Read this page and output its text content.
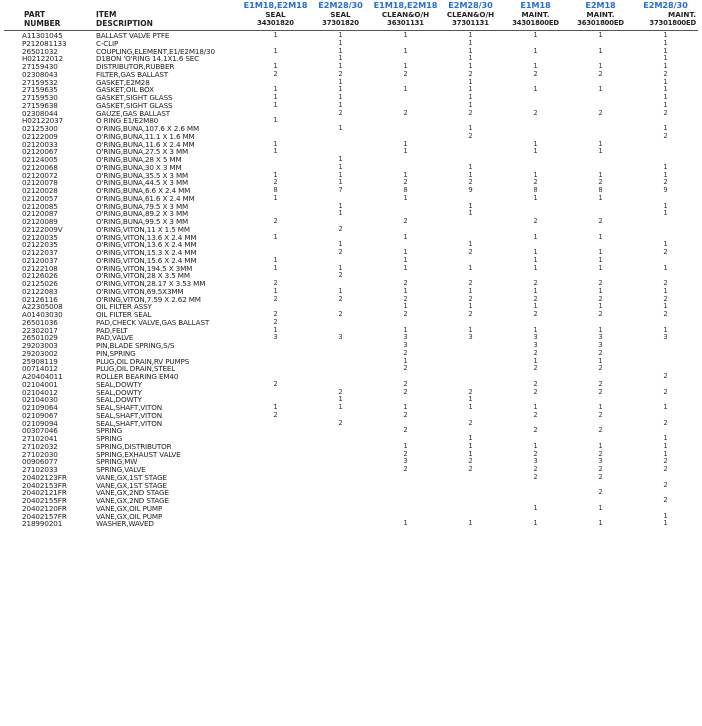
		E1M18,E2M18	E2M28/30	E1M18,E2M18	E2M28/30	E1M18	E2M18	E2M28/30
PART	ITEM	SEAL	SEAL	CLEAN&O/H	CLEAN&O/H	MAINT.	MAINT.	MAINT.
NUMBER	DESCRIPTION	34301820	37301820	36301131	37301131	34301800ED	36301800ED	37301800ED
A11301045	BALLAST VALVE PTFE	1	1	1	1	1	1	1
P212081133	C-CLIP		1		1			1
26501032	COUPLING,ELEMENT,E1/E2M18/30	1	1	1	1	1	1	1
H02122012	D1BON 'O'RING 14.1X1.6 SEC		1		1			1
27159430	DISTRIBUTOR,RUBBER	1	1	1	1	1	1	1
02308043	FILTER,GAS BALLAST	2	2	2	2	2	2	2
27159532	GASKET,E2M28		1		1			1
27159635	GASKET,OIL BOX	1	1	1	1	1	1	1
27159530	GASKET,SIGHT GLASS	1	1		1			1
27159638	GASKET,SIGHT GLASS	1	1		1			1
02308044	GAUZE,GAS BALLAST		2	2	2	2	2	2
H02122037	O RING E1/E2M80	1						
02125300	O'RING,BUNA,107.6 X 2.6 MM		1		1			1
02122009	O'RING,BUNA,11.1 X 1.6 MM				2			2
02120033	O'RING,BUNA,11.6 X 2.4 MM	1		1		1	1	
02120067	O'RING,BUNA,27.5 X 3 MM	1		1		1	1	
02124005	O'RING,BUNA,28 X 5 MM		1					
02120068	O'RING,BUNA,30 X 3 MM		1		1			1
02120072	O'RING,BUNA,35.5 X 3 MM	1	1	1	1	1	1	1
02120078	O'RING,BUNA,44.5 X 3 MM	2	1	2	2	2	2	2
02120028	O'RING,BUNA,6.6 X 2.4 MM	8	7	8	9	8	8	9
02120057	O'RING,BUNA,61.6 X 2.4 MM	1		1		1	1	
02120085	O'RING,BUNA,79.5 X 3 MM		1		1			1
02120087	O'RING,BUNA,89.2 X 3 MM		1		1			1
02120089	O'RING,BUNA,99.5 X 3 MM	2		2		2	2	
02122009V	O'RING,VITON,11 X 1.5 MM		2					
02120035	O'RING,VITON,13.6 X 2.4 MM	1		1		1	1	
02122035	O'RING,VITON,13.6 X 2.4 MM		1		1			1
02122037	O'RING,VITON,15.3 X 2.4 MM		2	1	2	1	1	2
02120037	O'RING,VITON,15.6 X 2.4 MM	1		1		1	1	
02122108	O'RING,VITON,194.5 X 3MM	1	1	1	1	1	1	1
02126026	O'RING,VITON,28 X 3.5 MM		2					
02125026	O'RING,VITON,28.17 X 3.53 MM	2		2	2	2	2	2
02122083	O'RING,VITON,69.5X3MM	1	1	1	1	1	1	1
02126116	O'RING,VITON,7.59 X 2.62 MM	2	2	2	2	2	2	2
A22305008	OIL FILTER ASSY			1	1	1	1	1
A01403030	OIL FILTER SEAL	2	2	2	2	2	2	2
26501036	PAD,CHECK VALVE,GAS BALLAST	2						
22302017	PAD,FELT	1		1	1	1	1	1
26501029	PAD,VALVE	3	3	3	3	3	3	3
29203003	PIN,BLADE SPRING,S/S			3		3	3	
29203002	PIN,SPRING			2		2	2	
25908119	PLUG,OIL DRAIN,RV PUMPS			1		1	1	
00714012	PLUG,OIL DRAIN,STEEL			2		2	2	
A20404011	ROLLER BEARING EM40							2
02104001	SEAL,DOWTY	2		2		2	2	
02104012	SEAL,DOWTY		2	2	2	2	2	2
02104030	SEAL,DOWTY		1		1			
02109064	SEAL,SHAFT,VITON	1	1	1	1	1	1	1
02109067	SEAL,SHAFT,VITON	2		2		2	2	
02109094	SEAL,SHAFT,VITON		2		2			2
00307046	SPRING			2		2	2	
27102041	SPRING				1			1
27102032	SPRING,DISTRIBUTOR			1	1	1	1	1
27102030	SPRING,EXHAUST VALVE			2	1	2	2	1
00906077	SPRING,MW			3	2	3	3	2
27102033	SPRING,VALVE			2	2	2	2	2
20402123FR	VANE,GX,1ST STAGE					2	2	
20402153FR	VANE,GX,1ST STAGE							2
20402121FR	VANE,GX,2ND STAGE						2	
20402155FR	VANE,GX,2ND STAGE							2
20402120FR	VANE,GX,OIL PUMP					1	1	
20402157FR	VANE,GX,OIL PUMP							1
218990201	WASHER,WAVED			1	1	1	1	1
